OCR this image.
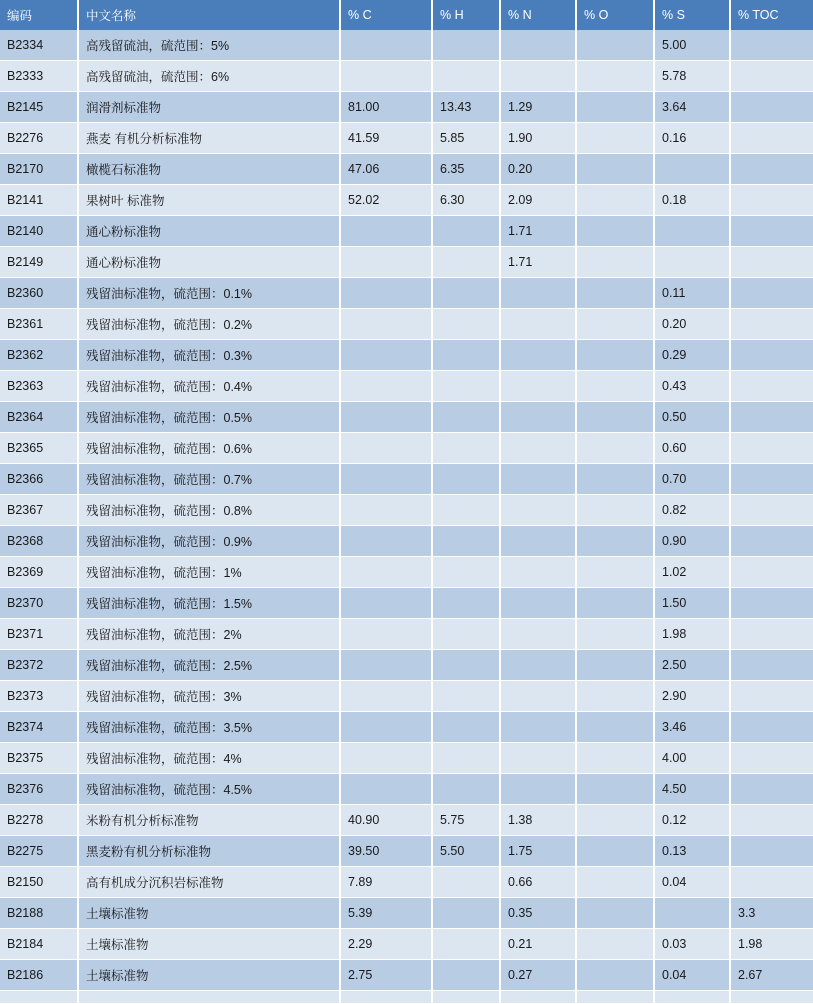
编码	中文名称	% C	% H	% N	% O	% S	% TOC
B2334	高残留硫油，硫范围：5%					5.00	
B2333	高残留硫油，硫范围：6%					5.78	
B2145	润滑剂标准物	81.00	13.43	1.29		3.64	
B2276	燕麦 有机分析标准物	41.59	5.85	1.90		0.16	
B2170	橄榄石标准物	47.06	6.35	0.20			
B2141	果树叶 标准物	52.02	6.30	2.09		0.18	
B2140	通心粉标准物			1.71			
B2149	通心粉标准物			1.71			
B2360	残留油标准物，硫范围：0.1%					0.11	
B2361	残留油标准物，硫范围：0.2%					0.20	
B2362	残留油标准物，硫范围：0.3%					0.29	
B2363	残留油标准物，硫范围：0.4%					0.43	
B2364	残留油标准物，硫范围：0.5%					0.50	
B2365	残留油标准物，硫范围：0.6%					0.60	
B2366	残留油标准物，硫范围：0.7%					0.70	
B2367	残留油标准物，硫范围：0.8%					0.82	
B2368	残留油标准物，硫范围：0.9%					0.90	
B2369	残留油标准物，硫范围：1%					1.02	
B2370	残留油标准物，硫范围：1.5%					1.50	
B2371	残留油标准物，硫范围：2%					1.98	
B2372	残留油标准物，硫范围：2.5%					2.50	
B2373	残留油标准物，硫范围：3%					2.90	
B2374	残留油标准物，硫范围：3.5%					3.46	
B2375	残留油标准物，硫范围：4%					4.00	
B2376	残留油标准物，硫范围：4.5%					4.50	
B2278	米粉有机分析标准物	40.90	5.75	1.38		0.12	
B2275	黑麦粉有机分析标准物	39.50	5.50	1.75		0.13	
B2150	高有机成分沉积岩标准物	7.89		0.66		0.04	
B2188	土壤标准物	5.39		0.35			3.3
B2184	土壤标准物	2.29		0.21		0.03	1.98
B2186	土壤标准物	2.75		0.27		0.04	2.67
